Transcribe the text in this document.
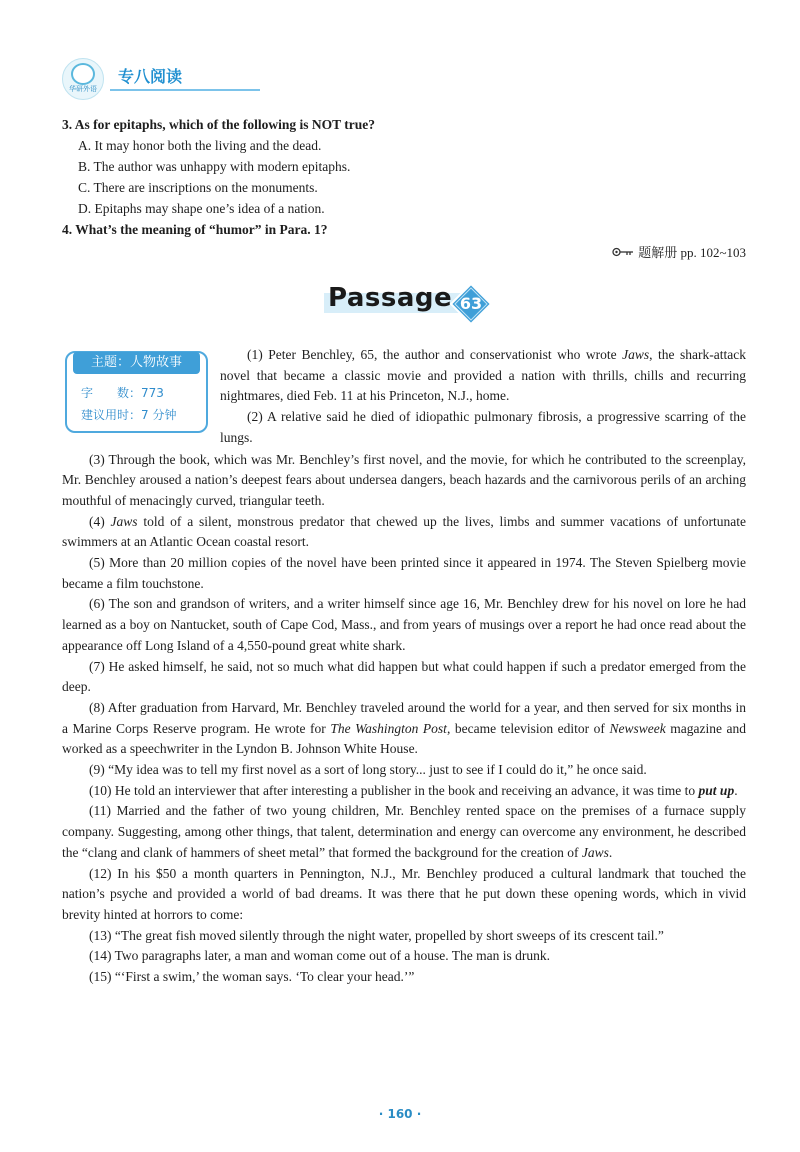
华研外语
专八阅读
3. As for epitaphs, which of the following is NOT true?
A. It may honor both the living and the dead.
B. The author was unhappy with modern epitaphs.
C. There are inscriptions on the monuments.
D. Epitaphs may shape one’s idea of a nation.
4. What’s the meaning of “humor” in Para. 1?
题解册 pp. 102~103
Passage 63
主题：人物故事
字　　数：773
建议用时：7 分钟

(1) Peter Benchley, 65, the author and conservationist who wrote Jaws, the shark-attack novel that became a classic movie and provided a nation with thrills, chills and recurring nightmares, died Feb. 11 at his Princeton, N.J., home.

(2) A relative said he died of idiopathic pulmonary fibrosis, a progressive scarring of the lungs.

(3) Through the book, which was Mr. Benchley’s first novel, and the movie, for which he contributed to the screenplay, Mr. Benchley aroused a nation’s deepest fears about undersea dangers, beach hazards and the carnivorous perils of an arching mouthful of menacingly curved, triangular teeth.

(4) Jaws told of a silent, monstrous predator that chewed up the lives, limbs and summer vacations of unfortunate swimmers at an Atlantic Ocean coastal resort.

(5) More than 20 million copies of the novel have been printed since it appeared in 1974. The Steven Spielberg movie became a film touchstone.

(6) The son and grandson of writers, and a writer himself since age 16, Mr. Benchley drew for his novel on lore he had learned as a boy on Nantucket, south of Cape Cod, Mass., and from years of musings over a report he had once read about the appearance off Long Island of a 4,550-pound great white shark.

(7) He asked himself, he said, not so much what did happen but what could happen if such a predator emerged from the deep.

(8) After graduation from Harvard, Mr. Benchley traveled around the world for a year, and then served for six months in a Marine Corps Reserve program. He wrote for The Washington Post, became television editor of Newsweek magazine and worked as a speechwriter in the Lyndon B. Johnson White House.

(9) “My idea was to tell my first novel as a sort of long story... just to see if I could do it,” he once said.

(10) He told an interviewer that after interesting a publisher in the book and receiving an advance, it was time to put up.

(11) Married and the father of two young children, Mr. Benchley rented space on the premises of a furnace supply company. Suggesting, among other things, that talent, determination and energy can overcome any environment, he described the “clang and clank of hammers of sheet metal” that formed the background for the creation of Jaws.

(12) In his $50 a month quarters in Pennington, N.J., Mr. Benchley produced a cultural landmark that touched the nation’s psyche and provided a world of bad dreams. It was there that he put down these opening words, which in vivid brevity hinted at horrors to come:

(13) “The great fish moved silently through the night water, propelled by short sweeps of its crescent tail.”

(14) Two paragraphs later, a man and woman come out of a house. The man is drunk.

(15) “‘First a swim,’ the woman says. ‘To clear your head.’”

· 160 ·
